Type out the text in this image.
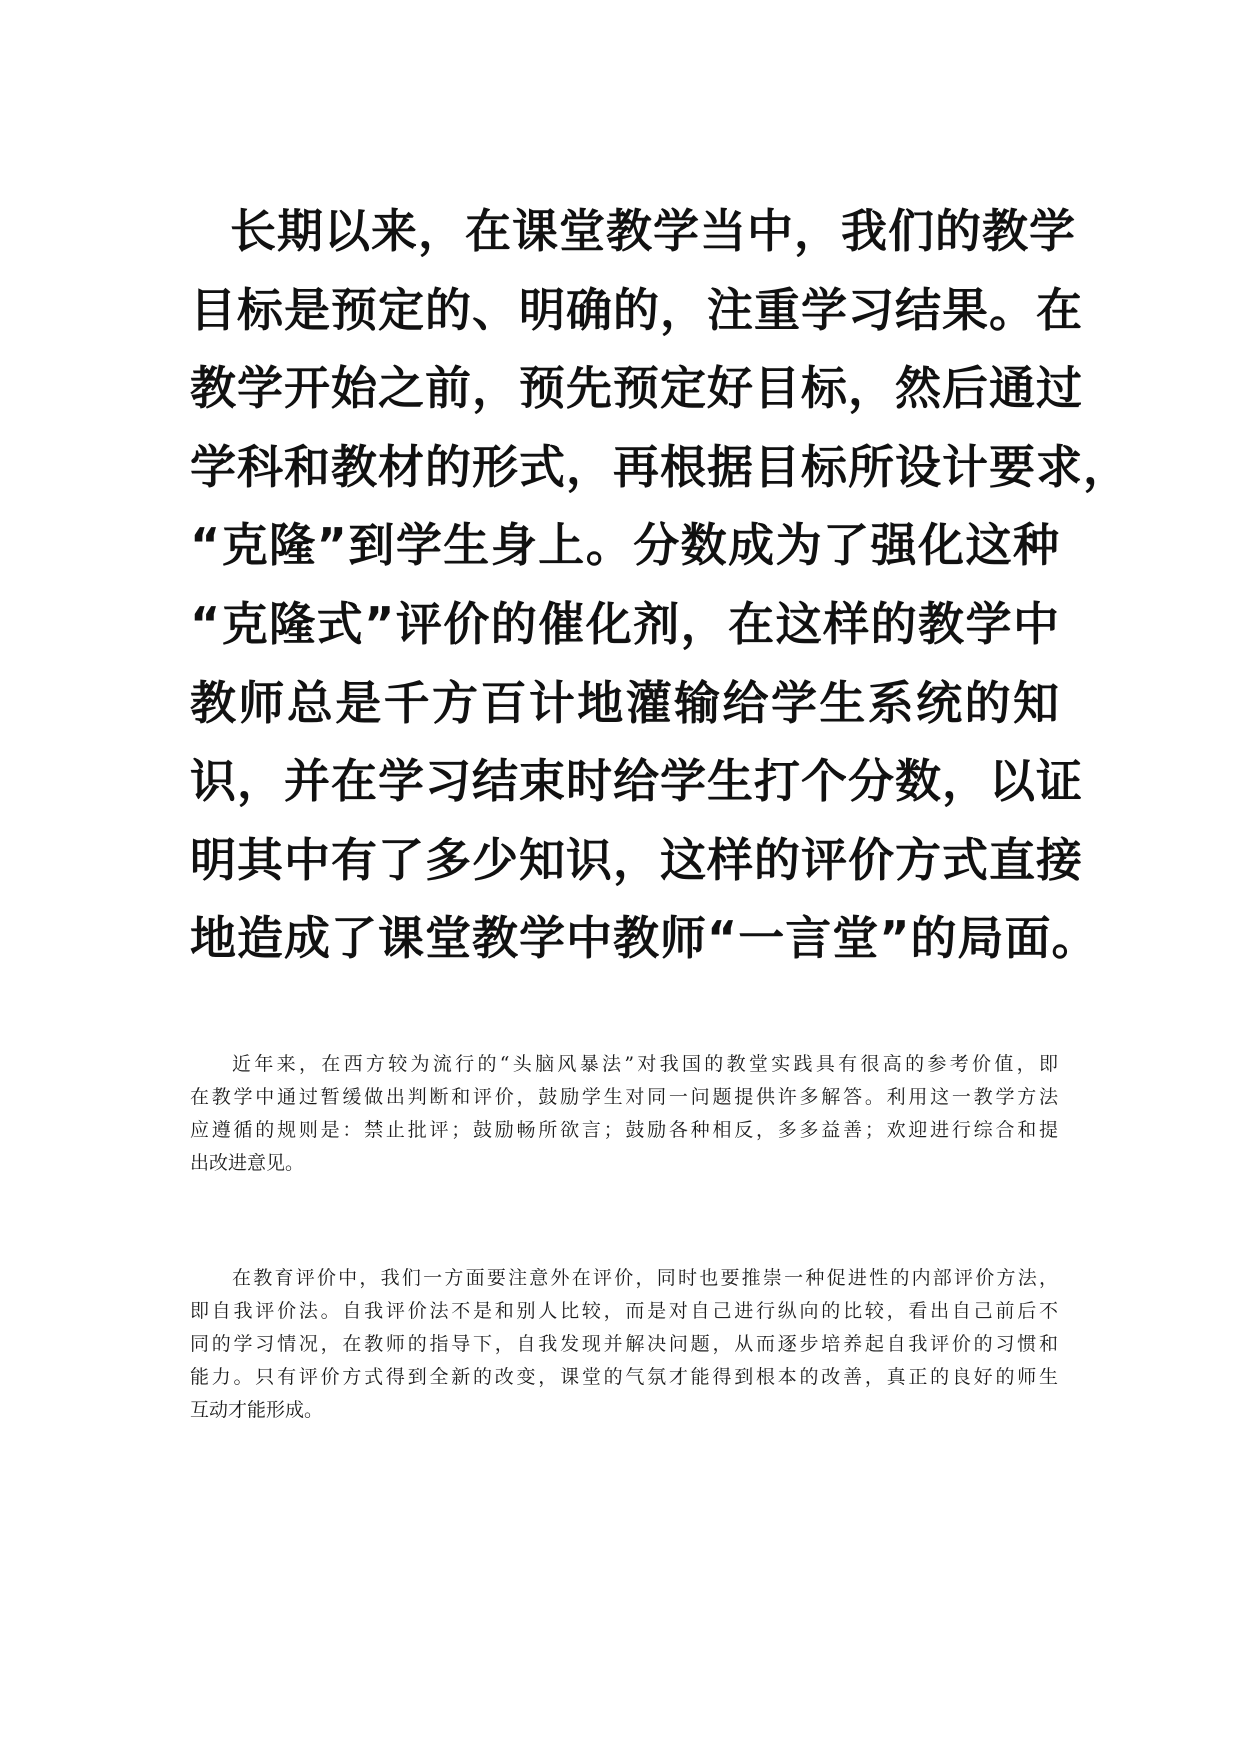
长期以来，在课堂教学当中，我们的教学
目标是预定的、明确的，注重学习结果。在
教学开始之前，预先预定好目标，然后通过
学科和教材的形式，再根据目标所设计要求，
“克隆”到学生身上。分数成为了强化这种
“克隆式”评价的催化剂，在这样的教学中
教师总是千方百计地灌输给学生系统的知
识，并在学习结束时给学生打个分数，以证
明其中有了多少知识，这样的评价方式直接
地造成了课堂教学中教师“一言堂”的局面。
近年来，在西方较为流行的“头脑风暴法”对我国的教堂实践具有很高的参考价值，即
在教学中通过暂缓做出判断和评价，鼓励学生对同一问题提供许多解答。利用这一教学方法
应遵循的规则是：禁止批评；鼓励畅所欲言；鼓励各种相反，多多益善；欢迎进行综合和提
出改进意见。
在教育评价中，我们一方面要注意外在评价，同时也要推崇一种促进性的内部评价方法，
即自我评价法。自我评价法不是和别人比较，而是对自己进行纵向的比较，看出自己前后不
同的学习情况，在教师的指导下，自我发现并解决问题，从而逐步培养起自我评价的习惯和
能力。只有评价方式得到全新的改变，课堂的气氛才能得到根本的改善，真正的良好的师生
互动才能形成。
